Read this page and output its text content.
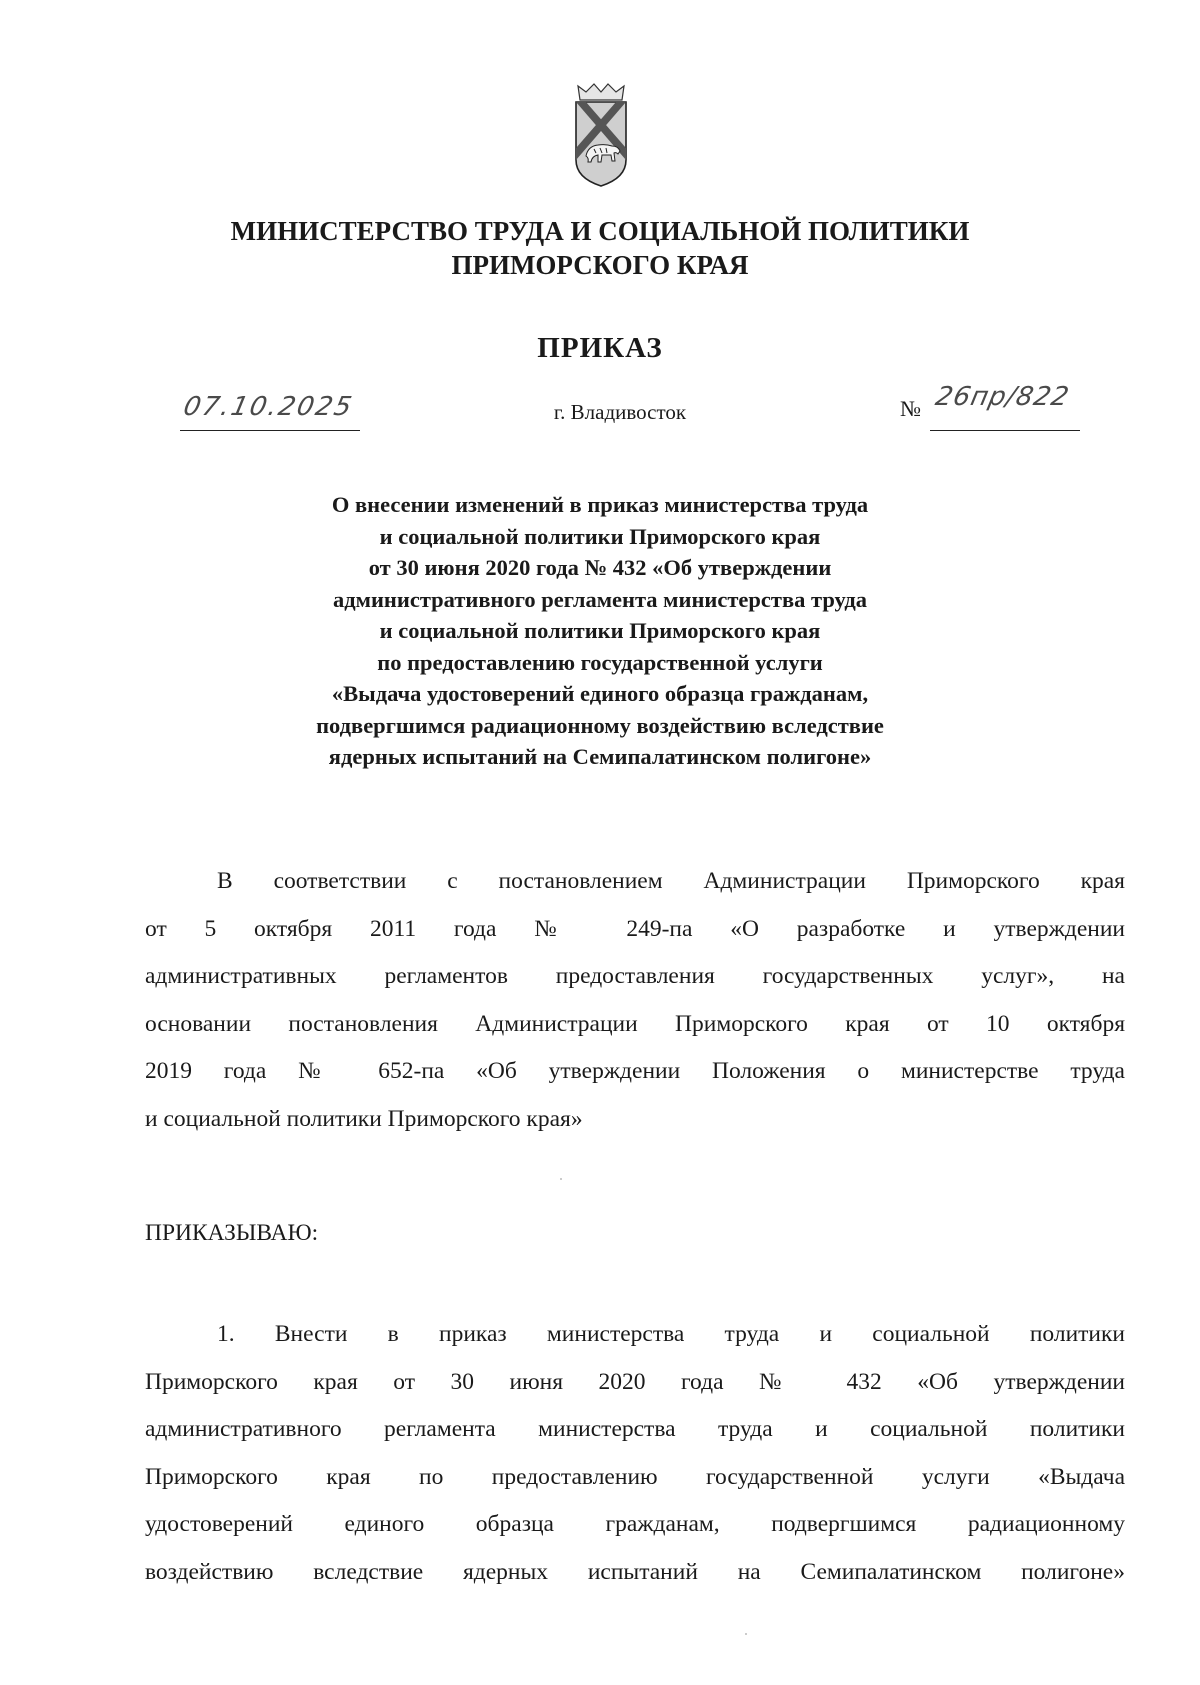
МИНИСТЕРСТВО ТРУДА И СОЦИАЛЬНОЙ ПОЛИТИКИ
ПРИМОРСКОГО КРАЯ
ПРИКАЗ
07.10.2025	г. Владивосток	№ 26пр/822
О внесении изменений в приказ министерства труда
и социальной политики Приморского края
от 30 июня 2020 года № 432 «Об утверждении
административного регламента министерства труда
и социальной политики Приморского края
по предоставлению государственной услуги
«Выдача удостоверений единого образца гражданам,
подвергшимся радиационному воздействию вследствие
ядерных испытаний на Семипалатинском полигоне»
В соответствии с постановлением Администрации Приморского края
от 5 октября 2011 года № 249-па «О разработке и утверждении
административных регламентов предоставления государственных услуг», на
основании постановления Администрации Приморского края от 10 октября
2019 года № 652-па «Об утверждении Положения о министерстве труда
и социальной политики Приморского края»
ПРИКАЗЫВАЮ:
1. Внести в приказ министерства труда и социальной политики
Приморского края от 30 июня 2020 года № 432 «Об утверждении
административного регламента министерства труда и социальной политики
Приморского края по предоставлению государственной услуги «Выдача
удостоверений единого образца гражданам, подвергшимся радиационному
воздействию вследствие ядерных испытаний на Семипалатинском полигоне»
